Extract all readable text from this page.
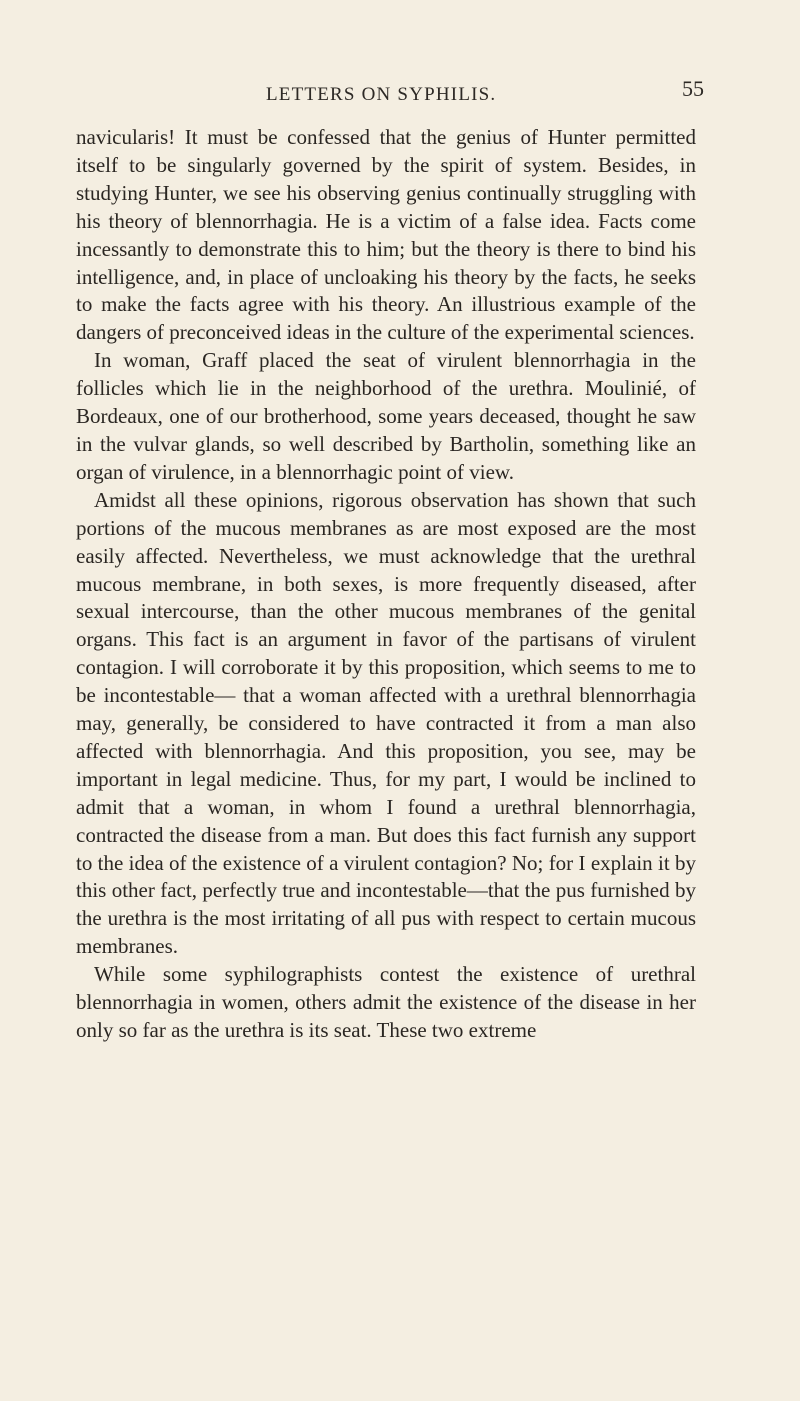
LETTERS ON SYPHILIS.	55

navicularis! It must be confessed that the genius of Hunter permitted itself to be singularly governed by the spirit of system. Besides, in studying Hunter, we see his observing genius continually struggling with his theory of blennorrhagia. He is a victim of a false idea. Facts come incessantly to demonstrate this to him; but the theory is there to bind his intelligence, and, in place of uncloaking his theory by the facts, he seeks to make the facts agree with his theory. An illustrious example of the dangers of preconceived ideas in the culture of the experimental sciences.

In woman, Graff placed the seat of virulent blennorrhagia in the follicles which lie in the neighborhood of the urethra. Moulinié, of Bordeaux, one of our brotherhood, some years deceased, thought he saw in the vulvar glands, so well described by Bartholin, something like an organ of virulence, in a blennorrhagic point of view.

Amidst all these opinions, rigorous observation has shown that such portions of the mucous membranes as are most exposed are the most easily affected. Nevertheless, we must acknowledge that the urethral mucous membrane, in both sexes, is more frequently diseased, after sexual intercourse, than the other mucous membranes of the genital organs. This fact is an argument in favor of the partisans of virulent contagion. I will corroborate it by this proposition, which seems to me to be incontestable— that a woman affected with a urethral blennorrhagia may, generally, be considered to have contracted it from a man also affected with blennorrhagia. And this proposition, you see, may be important in legal medicine. Thus, for my part, I would be inclined to admit that a woman, in whom I found a urethral blennorrhagia, contracted the disease from a man. But does this fact furnish any support to the idea of the existence of a virulent contagion? No; for I explain it by this other fact, perfectly true and incontestable—that the pus furnished by the urethra is the most irritating of all pus with respect to certain mucous membranes.

While some syphilographists contest the existence of urethral blennorrhagia in women, others admit the existence of the disease in her only so far as the urethra is its seat. These two extreme
